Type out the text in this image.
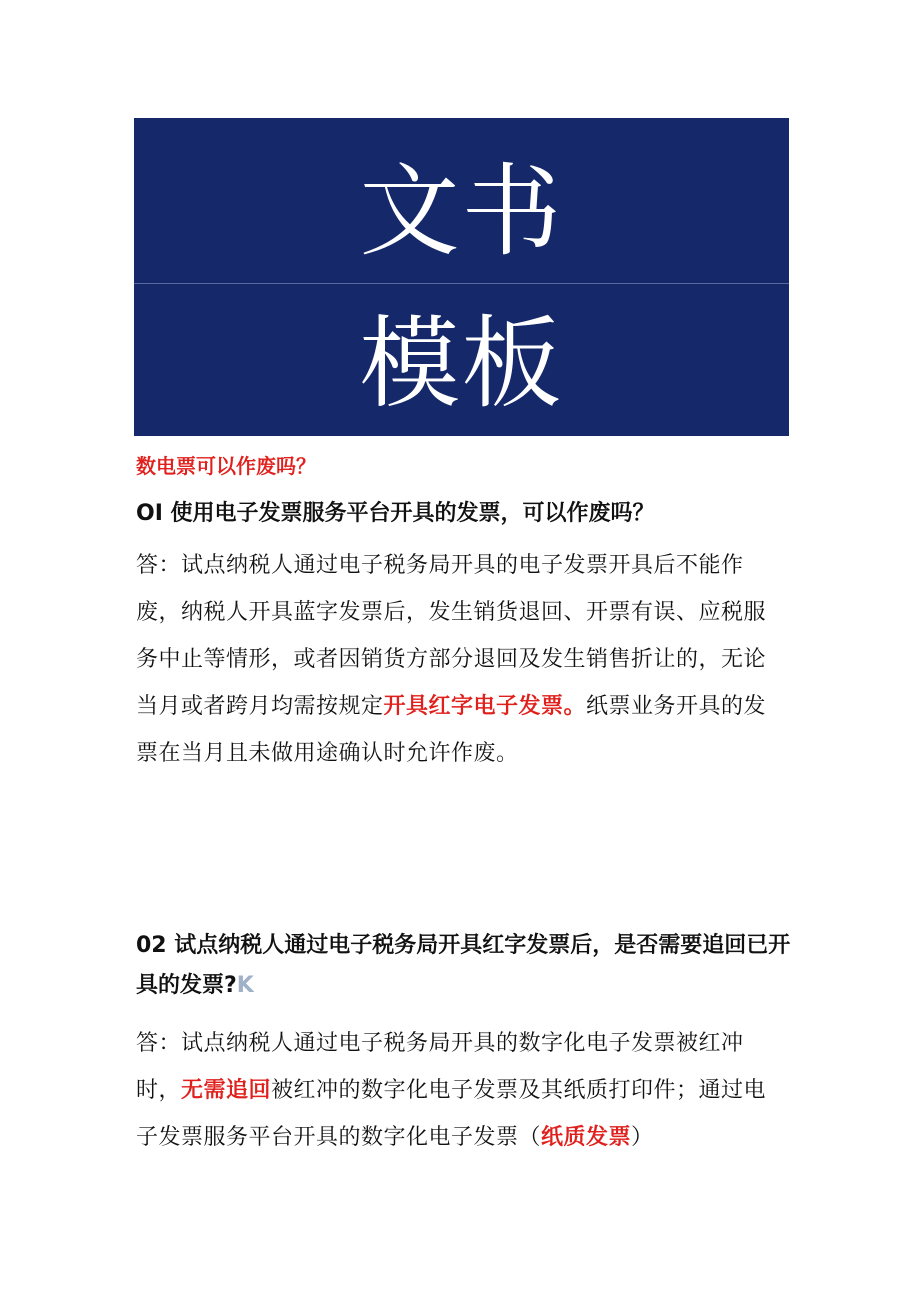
文书
模板
数电票可以作废吗？
OI 使用电子发票服务平台开具的发票，可以作废吗？
答：试点纳税人通过电子税务局开具的电子发票开具后不能作废，纳税人开具蓝字发票后，发生销货退回、开票有误、应税服务中止等情形，或者因销货方部分退回及发生销售折让的，无论当月或者跨月均需按规定开具红字电子发票。纸票业务开具的发票在当月且未做用途确认时允许作废。
02 试点纳税人通过电子税务局开具红字发票后，是否需要追回已开具的发票?K
答：试点纳税人通过电子税务局开具的数字化电子发票被红冲时，无需追回被红冲的数字化电子发票及其纸质打印件；通过电子发票服务平台开具的数字化电子发票（纸质发票）
